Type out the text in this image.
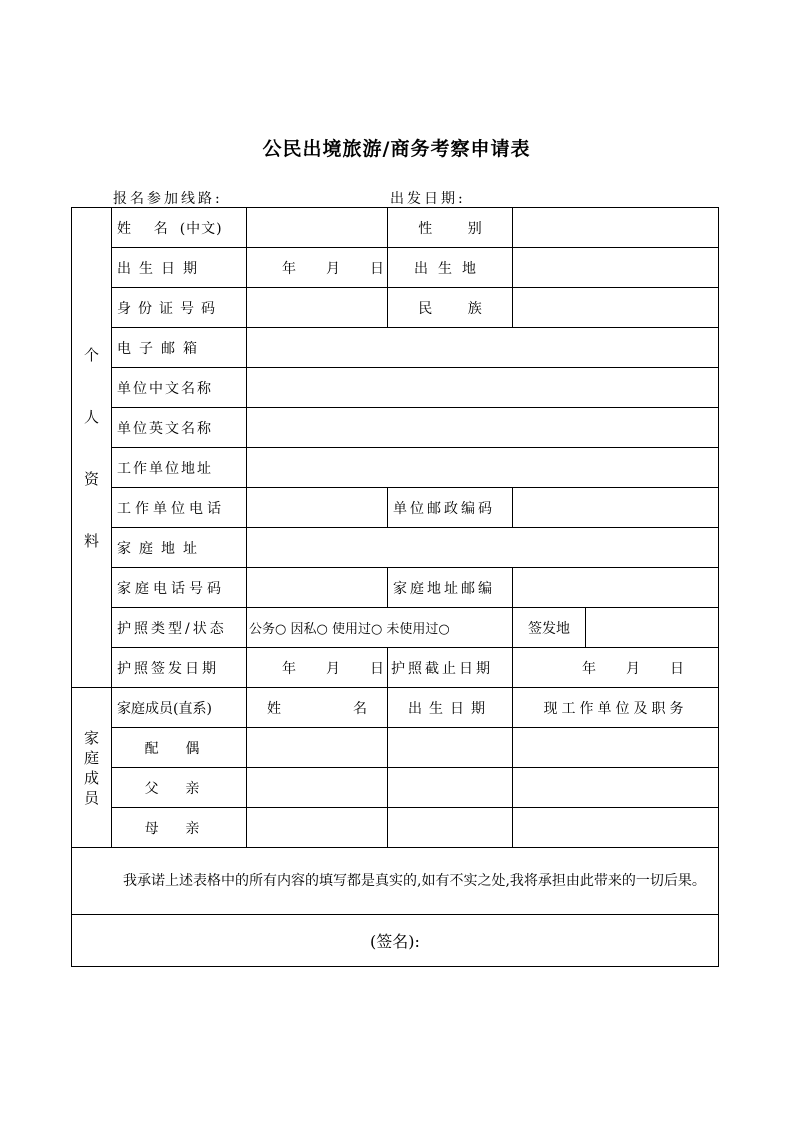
公民出境旅游/商务考察申请表
报名参加线路:	出发日期:
个
人
资
料	姓    名  (中文)		性        别		
	出生日期	年 月 日	出生地		
	身份证号码		民        族		
	电子邮箱				
	单位中文名称				
	单位英文名称				
	工作单位地址				
	工作单位电话		单位邮政编码		
	家庭地址				
	家庭电话号码		家庭地址邮编		
	护照类型/状态	公务○ 因私○ 使用过○ 未使用过○		签发地	
	护照签发日期	年 月 日	护照截止日期	年 月 日	
家
庭
成
员	家庭成员(直系)	姓 名	出生日期	现工作单位及职务	
	配      偶				
	父      亲				
	母      亲				
我承诺上述表格中的所有内容的填写都是真实的,如有不实之处,我将承担由此带来的一切后果。					
(签名):					
